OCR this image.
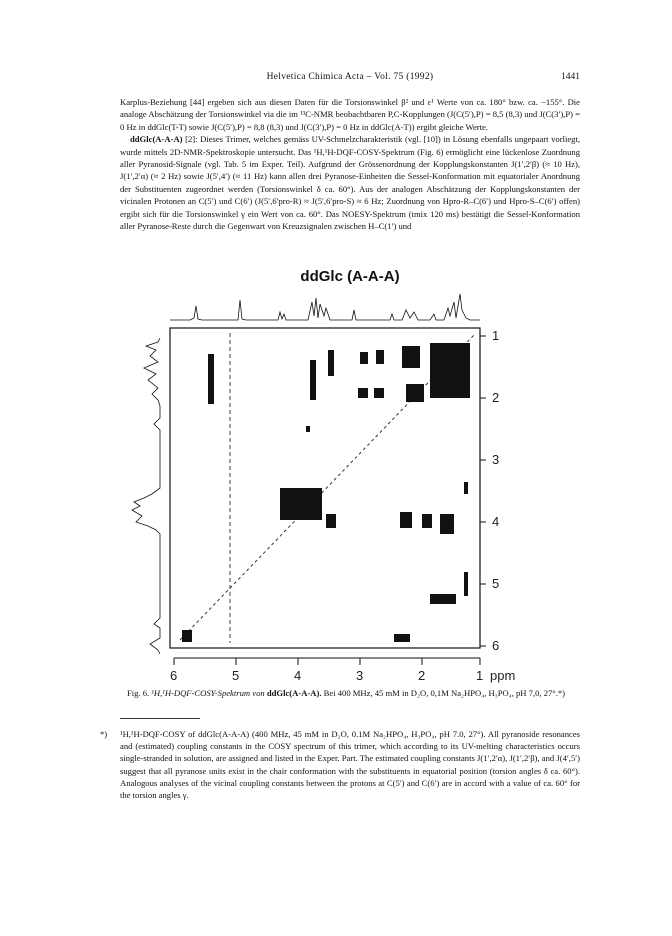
Helvetica Chimica Acta – Vol. 75 (1992)	1441

Karplus-Beziehung [44] ergeben sich aus diesen Daten für die Torsionswinkel β² und ε¹ Werte von ca. 180° bzw. ca. −155°. Die analoge Abschätzung der Torsionswinkel via die im ¹³C-NMR beobachtbaren P,C-Kopplungen (J(C(5′),P) = 8,5 (8,3) und J(C(3′),P) = 0 Hz in ddGlc(T-T) sowie J(C(5′),P) = 8,8 (8,3) und J(C(3′),P) = 0 Hz in ddGlc(A-T)) ergibt gleiche Werte.

ddGlc(A-A-A) [2]: Dieses Trimer, welches gemäss UV-Schmelzcharakteristik (vgl. [10]) in Lösung ebenfalls ungepaart vorliegt, wurde mittels 2D-NMR-Spektroskopie untersucht. Das ¹H,¹H-DQF-COSY-Spektrum (Fig. 6) ermöglicht eine lückenlose Zuordnung aller Pyranosid-Signale (vgl. Tab. 5 im Exper. Teil). Aufgrund der Grössenordnung der Kopplungskonstanten J(1′,2′β) (≈ 10 Hz), J(1′,2′α) (≈ 2 Hz) sowie J(5′,4′) (≈ 11 Hz) kann allen drei Pyranose-Einheiten die Sessel-Konformation mit equatorialer Anordnung der Substituenten zugeordnet werden (Torsionswinkel δ ca. 60°). Aus der analogen Abschätzung der Kopplungskonstanten der vicinalen Protonen an C(5′) und C(6′) (J(5′,6′pro-R) ≈ J(5′,6′pro-S) ≈ 6 Hz; Zuordnung von Hpro-R–C(6′) und Hpro-S–C(6′) offen) ergibt sich für die Torsionswinkel γ ein Wert von ca. 60°. Das NOESY-Spektrum (tmix 120 ms) bestätigt die Sessel-Konformation aller Pyranose-Reste durch die Gegenwart von Kreuzsignalen zwischen H–C(1′) und

ddGlc (A-A-A)
1
2
3
4
5
6
6	5	4	3	2	1 ppm
Fig. 6. ¹H,¹H-DQF-COSY-Spektrum von ddGlc(A-A-A). Bei 400 MHz, 45 mM in D₂O, 0,1M Na₂HPO₄, H₃PO₄, pH 7,0, 27°.*)
*) ¹H,¹H-DQF-COSY of ddGlc(A-A-A) (400 MHz, 45 mM in D₂O, 0.1M Na₂HPO₄, H₃PO₄, pH 7.0, 27°). All pyranoside resonances and (estimated) coupling constants in the COSY spectrum of this trimer, which according to its UV-melting characteristics occurs single-stranded in solution, are assigned and listed in the Exper. Part. The estimated coupling constants J(1′,2′α), J(1′,2′β), and J(4′,5′) suggest that all pyranose units exist in the chair conformation with the substituents in equatorial position (torsion angles δ ca. 60°). Analogous analyses of the vicinal coupling constants between the protons at C(5′) and C(6′) are in accord with a value of ca. 60° for the torsion angles γ.
